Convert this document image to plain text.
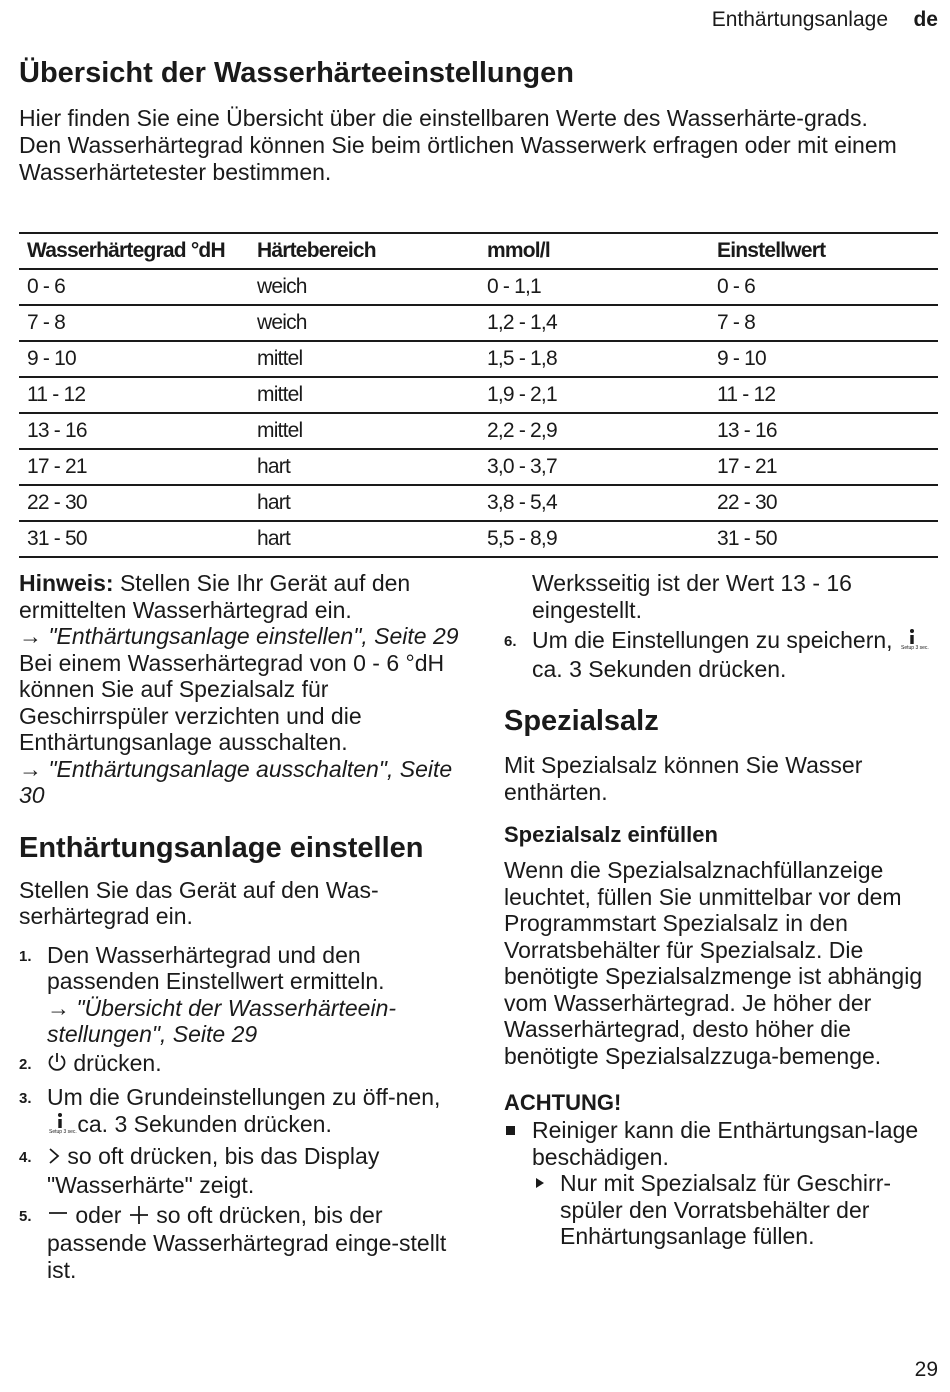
Enthärtungsanlage de
Übersicht der Wasserhärteeinstellungen

Hier finden Sie eine Übersicht über die einstellbaren Werte des Wasserhärte-grads.

Den Wasserhärtegrad können Sie beim örtlichen Wasserwerk erfragen oder mit einem Wasserhärtetester bestimmen.

Wasserhärtegrad °dH	Härtebereich	mmol/l	Einstellwert
0 - 6	weich	0 - 1,1	0 - 6
7 - 8	weich	1,2 - 1,4	7 - 8
9 - 10	mittel	1,5 - 1,8	9 - 10
11 - 12	mittel	1,9 - 2,1	11 - 12
13 - 16	mittel	2,2 - 2,9	13 - 16
17 - 21	hart	3,0 - 3,7	17 - 21
22 - 30	hart	3,8 - 5,4	22 - 30
31 - 50	hart	5,5 - 8,9	31 - 50

Hinweis: Stellen Sie Ihr Gerät auf den ermittelten Wasserhärtegrad ein.

→ "Enthärtungsanlage einstellen", Seite 29

Bei einem Wasserhärtegrad von 0 - 6 °dH können Sie auf Spezialsalz für Geschirrspüler verzichten und die Enthärtungsanlage ausschalten.

→ "Enthärtungsanlage ausschalten", Seite 30

Enthärtungsanlage einstellen

Stellen Sie das Gerät auf den Was-serhärtegrad ein.

1. Den Wasserhärtegrad und den passenden Einstellwert ermitteln.
→ "Übersicht der Wasserhärteein-stellungen", Seite 29
2. drücken.
3. Um die Grundeinstellungen zu öff-nen,
Setup 3 sec.
ca. 3 Sekunden drücken.
4. so oft drücken, bis das Display "Wasserhärte" zeigt.
5. oder  so oft drücken, bis der passende Wasserhärtegrad einge-stellt ist.

Werksseitig ist der Wert 13 - 16 eingestellt.

6. Um die Einstellungen zu speichern, Setup 3 sec.
ca. 3 Sekunden drücken.
Spezialsalz

Mit Spezialsalz können Sie Wasser enthärten.

Spezialsalz einfüllen

Wenn die Spezialsalznachfüllanzeige leuchtet, füllen Sie unmittelbar vor dem Programmstart Spezialsalz in den Vorratsbehälter für Spezialsalz. Die benötigte Spezialsalzmenge ist abhängig vom Wasserhärtegrad. Je höher der Wasserhärtegrad, desto höher die benötigte Spezialsalzzuga-bemenge.

ACHTUNG!
Reiniger kann die Enthärtungsan-lage beschädigen.
Nur mit Spezialsalz für Geschirr-spüler den Vorratsbehälter der Enhärtungsanlage füllen.
29
